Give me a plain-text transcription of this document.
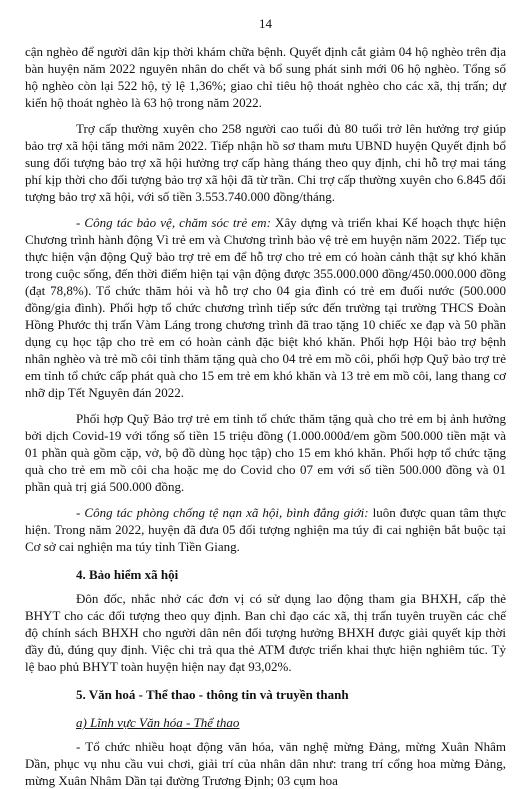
14

cận nghèo để người dân kịp thời khám chữa bệnh. Quyết định cắt giảm 04 hộ nghèo trên địa bàn huyện năm 2022 nguyên nhân do chết và bổ sung phát sinh mới 06 hộ nghèo. Tổng số hộ nghèo còn lại 522 hộ, tỷ lệ 1,36%; giao chỉ tiêu hộ thoát nghèo cho các xã, thị trấn; dự kiến hộ thoát nghèo là 63 hộ trong năm 2022.

Trợ cấp thường xuyên cho 258 người cao tuổi đủ 80 tuổi trở lên hưởng trợ giúp bảo trợ xã hội tăng mới năm 2022. Tiếp nhận hồ sơ tham mưu UBND huyện Quyết định bổ sung đối tượng bảo trợ xã hội hưởng trợ cấp hàng tháng theo quy định, chi hỗ trợ mai táng phí kịp thời cho đối tượng bảo trợ xã hội đã từ trần. Chi trợ cấp thường xuyên cho 6.845 đối tượng bảo trợ xã hội, với số tiền 3.553.740.000 đồng/tháng.

- Công tác bảo vệ, chăm sóc trẻ em: Xây dựng và triển khai Kế hoạch thực hiện Chương trình hành động Vì trẻ em và Chương trình bảo vệ trẻ em huyện năm 2022. Tiếp tục thực hiện vận động Quỹ bảo trợ trẻ em để hỗ trợ cho trẻ em có hoàn cảnh thật sự khó khăn trong cuộc sống, đến thời điểm hiện tại vận động được 355.000.000 đồng/450.000.000 đồng (đạt 78,8%). Tổ chức thăm hỏi và hỗ trợ cho 04 gia đình có trẻ em đuối nước (500.000 đồng/gia đình). Phối hợp tổ chức chương trình tiếp sức đến trường tại trường THCS Đoàn Hồng Phước thị trấn Vàm Láng trong chương trình đã trao tặng 10 chiếc xe đạp và 50 phần dụng cụ học tập cho trẻ em có hoàn cảnh đặc biệt khó khăn. Phối hợp Hội bảo trợ bệnh nhân nghèo và trẻ mồ côi tỉnh thăm tặng quà cho 04 trẻ em mồ côi, phối hợp Quỹ bảo trợ trẻ em tỉnh tổ chức cấp phát quà cho 15 em trẻ em khó khăn và 13 trẻ em mồ côi, lang thang cơ nhỡ dịp Tết Nguyên đán 2022.

Phối hợp Quỹ Bảo trợ trẻ em tỉnh tổ chức thăm tặng quà cho trẻ em bị ảnh hưởng bởi dịch Covid-19 với tổng số tiền 15 triệu đồng (1.000.000đ/em gồm 500.000 tiền mặt và 01 phần quà gồm cặp, vở, bộ đồ dùng học tập) cho 15 em khó khăn. Phối hợp tổ chức tặng quà cho trẻ em mồ côi cha hoặc mẹ do Covid cho 07 em với số tiền 500.000 đồng và 01 phần quà trị giá 500.000 đồng.

- Công tác phòng chống tệ nạn xã hội, bình đẳng giới: luôn được quan tâm thực hiện. Trong năm 2022, huyện đã đưa 05 đối tượng nghiện ma túy đi cai nghiện bắt buộc tại Cơ sở cai nghiện ma túy tỉnh Tiền Giang.

4. Bảo hiểm xã hội

Đôn đốc, nhắc nhở các đơn vị có sử dụng lao động tham gia BHXH, cấp thẻ BHYT cho các đối tượng theo quy định. Ban chỉ đạo các xã, thị trấn tuyên truyền các chế độ chính sách BHXH cho người dân nên đối tượng hưởng BHXH được giải quyết kịp thời đầy đủ, đúng quy định. Việc chi trả qua thẻ ATM được triển khai thực hiện nghiêm túc. Tỷ lệ bao phủ BHYT toàn huyện hiện nay đạt 93,02%.

5. Văn hoá - Thể thao - thông tin và truyền thanh
a) Lĩnh vực Văn hóa - Thể thao

- Tổ chức nhiều hoạt động văn hóa, văn nghệ mừng Đảng, mừng Xuân Nhâm Dần, phục vụ nhu cầu vui chơi, giải trí của nhân dân như: trang trí cổng hoa mừng Đảng, mừng Xuân Nhâm Dần tại đường Trương Định; 03 cụm hoa
